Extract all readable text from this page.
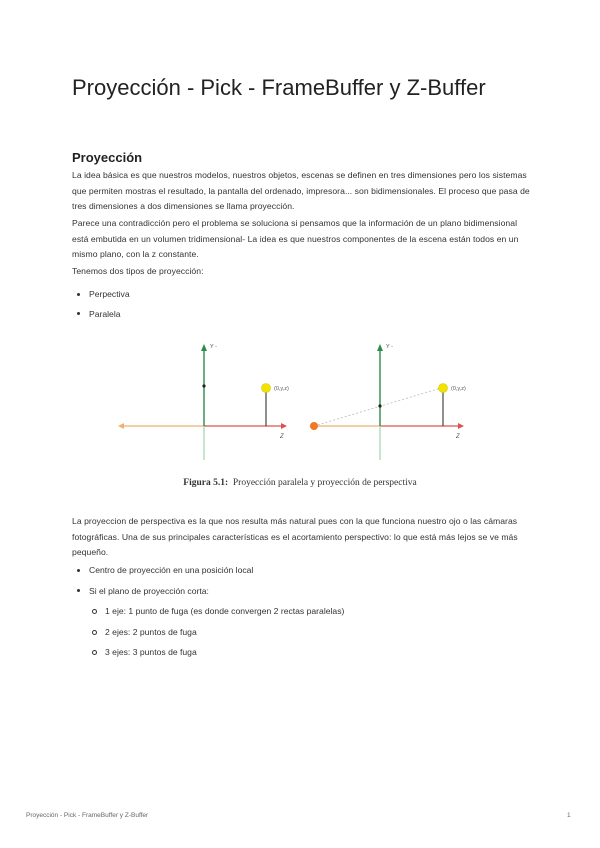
Proyección - Pick - FrameBuffer y Z-Buffer
Proyección

La idea básica es que nuestros modelos, nuestros objetos, escenas se definen en tres dimensiones pero los sistemas que permiten mostras el resultado, la pantalla del ordenado, impresora... son bidimensionales. El proceso que pasa de tres dimensiones a dos dimensiones se llama proyección.

Parece una contradicción pero el problema se soluciona si pensamos que la información de un plano bidimensional está embutida en un volumen tridimensional- La idea es que nuestros componentes de la escena están todos en un mismo plano, con la z constante.

Tenemos dos tipos de proyección:

Perpectiva
Paralela
Y -
(0,y,z)
Z
Y -
(0,y,z)
Z
Figura 5.1: Proyección paralela y proyección de perspectiva

La proyeccion de perspectiva es la que nos resulta más natural pues con la que funciona nuestro ojo o las cámaras fotográficas. Una de sus principales características es el acortamiento perspectivo: lo que está más lejos se ve más pequeño.

Centro de proyección en una posición local
Si el plano de proyección corta:
1 eje: 1 punto de fuga (es donde convergen 2 rectas paralelas)
2 ejes: 2 puntos de fuga
3 ejes: 3 puntos de fuga
Proyección - Pick - FrameBuffer y Z-Buffer	1
